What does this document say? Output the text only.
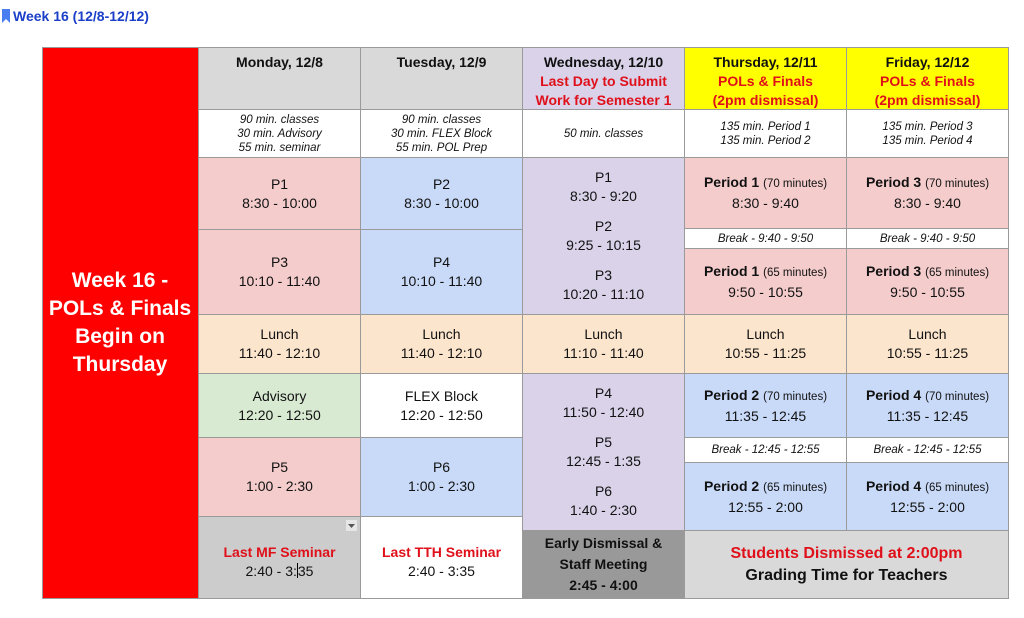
Week 16 (12/8-12/12)
Week 16 -
POLs & Finals
Begin on
Thursday
Monday, 12/8	Tuesday, 12/9	Wednesday, 12/10
Last Day to Submit
Work for Semester 1
Thursday, 12/11
POLs & Finals
(2pm dismissal)
Friday, 12/12
POLs & Finals
(2pm dismissal)
90 min. classes
30 min. Advisory
55 min. seminar
90 min. classes
30 min. FLEX Block
55 min. POL Prep
50 min. classes
135 min. Period 1
135 min. Period 2
135 min. Period 3
135 min. Period 4
P1
8:30 - 10:00
P3
10:10 - 11:40
Lunch
11:40 - 12:10
Advisory
12:20 - 12:50
P5
1:00 - 2:30
Last MF Seminar
2:40 - 3:35
P2
8:30 - 10:00
P4
10:10 - 11:40
Lunch
11:40 - 12:10
FLEX Block
12:20 - 12:50
P6
1:00 - 2:30
Last TTH Seminar
2:40 - 3:35
P1
8:30 - 9:20
P2
9:25 - 10:15
P3
10:20 - 11:10
Lunch
11:10 - 11:40
P4
11:50 - 12:40
P5
12:45 - 1:35
P6
1:40 - 2:30
Early Dismissal &
Staff Meeting
2:45 - 4:00
Period 1 (70 minutes)
8:30 - 9:40
Break - 9:40 - 9:50
Period 1 (65 minutes)
9:50 - 10:55
Lunch
10:55 - 11:25
Period 2 (70 minutes)
11:35 - 12:45
Break - 12:45 - 12:55
Period 2 (65 minutes)
12:55 - 2:00
Period 3 (70 minutes)
8:30 - 9:40
Break - 9:40 - 9:50
Period 3 (65 minutes)
9:50 - 10:55
Lunch
10:55 - 11:25
Period 4 (70 minutes)
11:35 - 12:45
Break - 12:45 - 12:55
Period 4 (65 minutes)
12:55 - 2:00
Students Dismissed at 2:00pm
Grading Time for Teachers
